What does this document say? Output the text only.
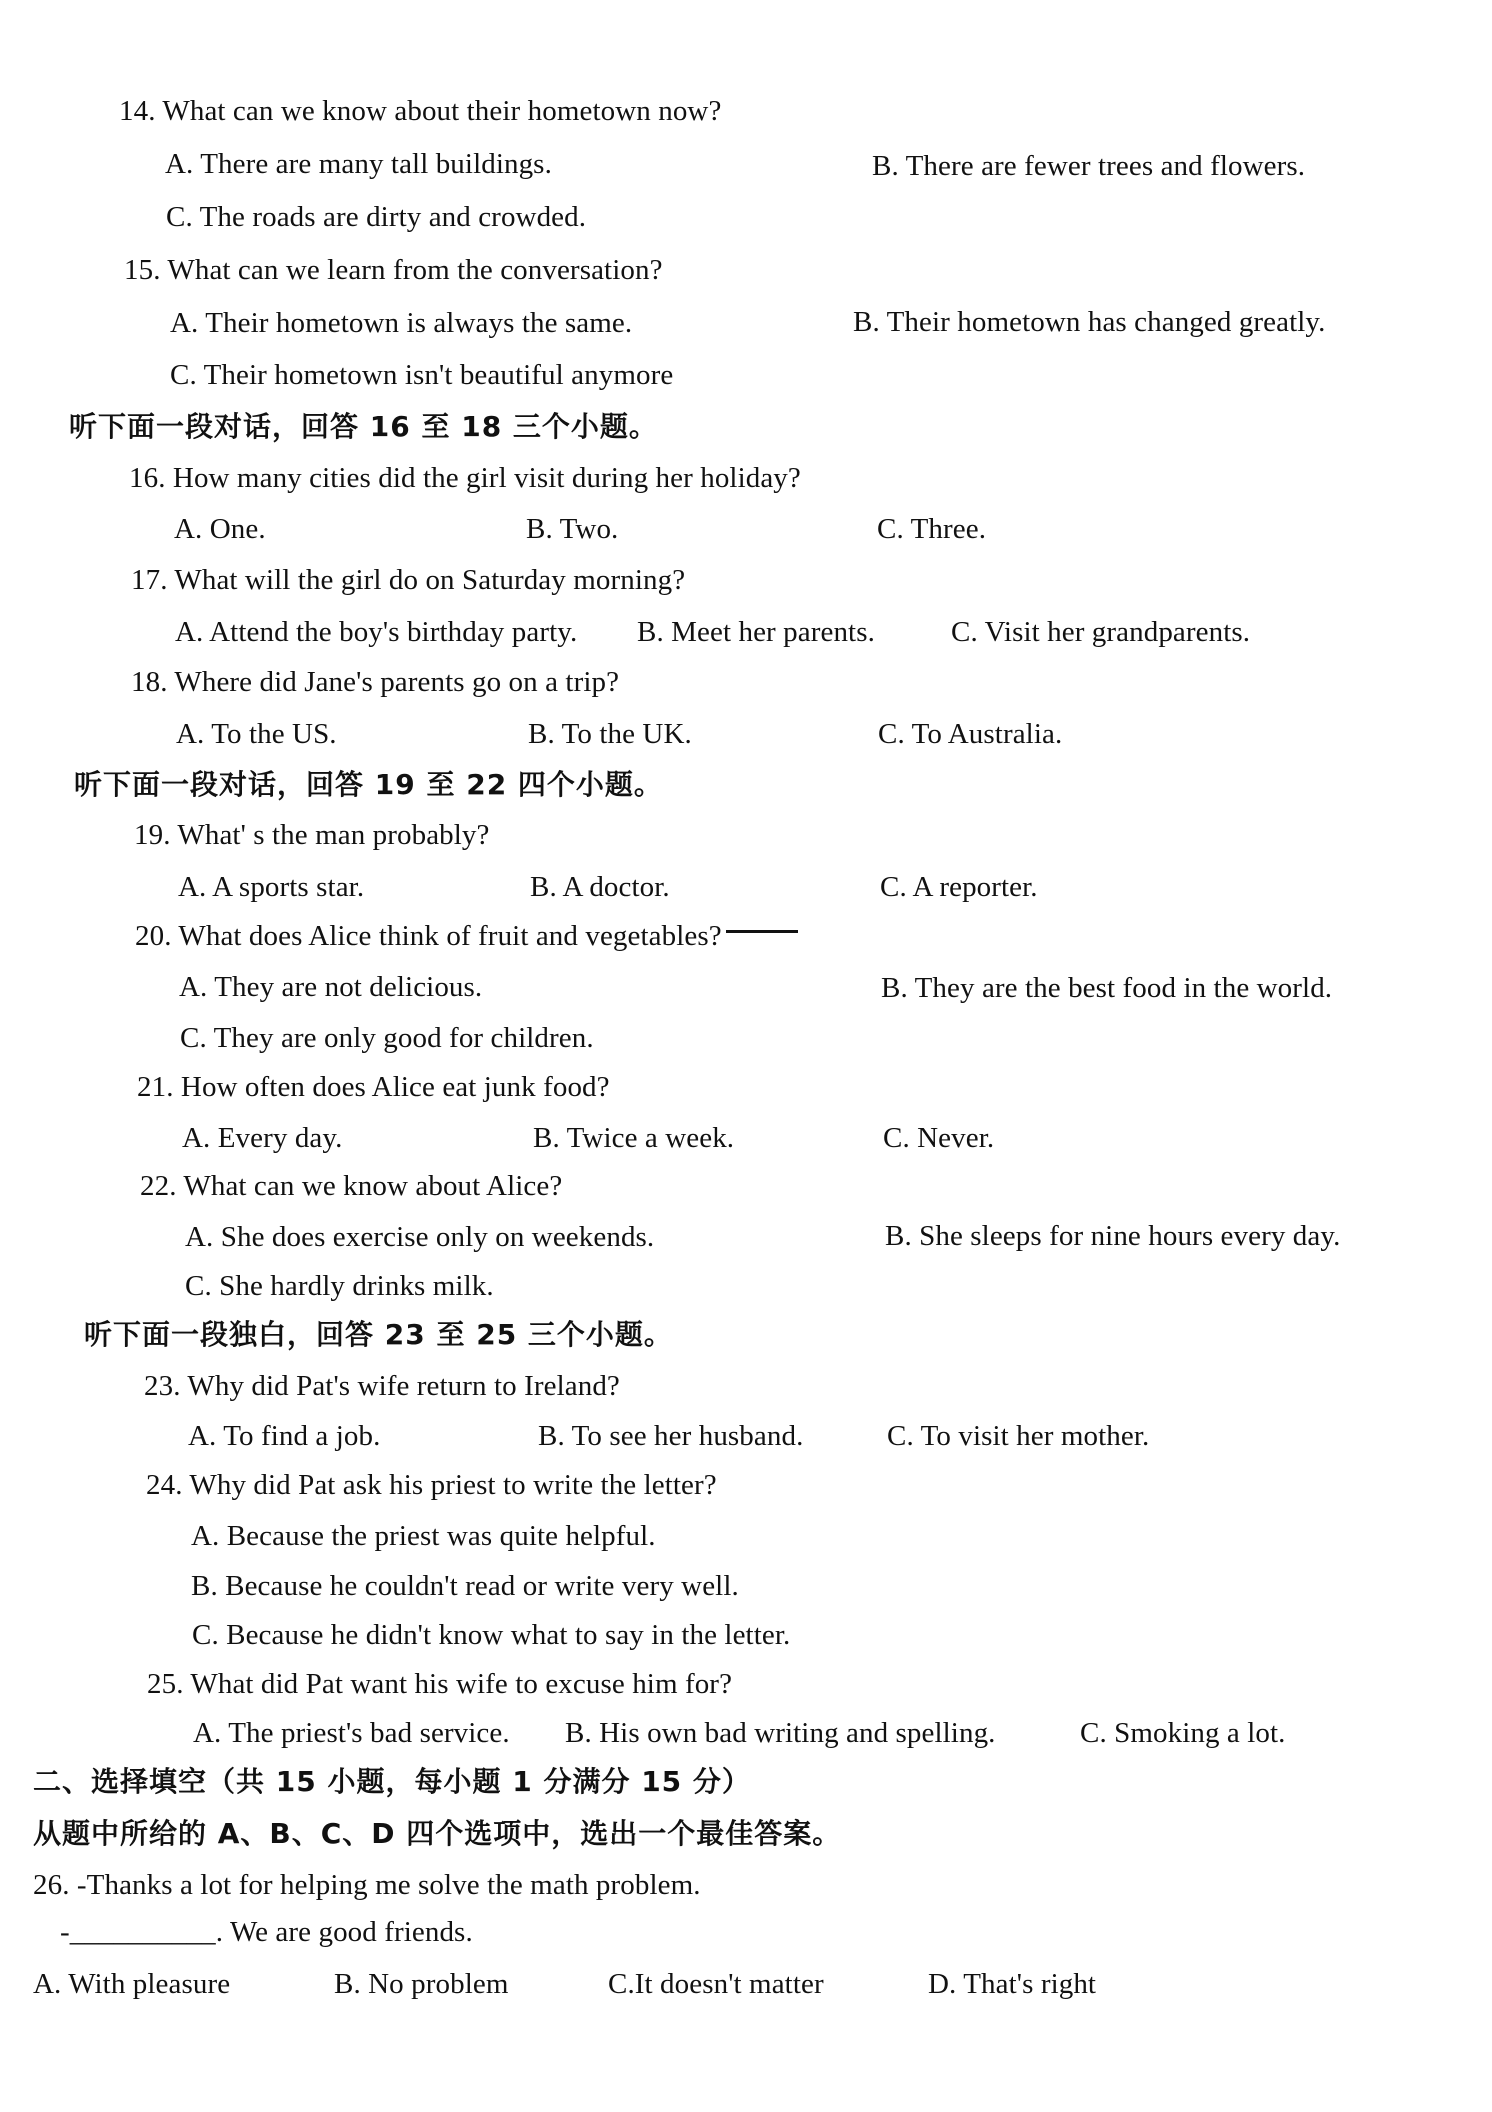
14. What can we know about their hometown now?
A. There are many tall buildings.	B. There are fewer trees and flowers.
C. The roads are dirty and crowded.
15. What can we learn from the conversation?
A. Their hometown is always the same.	B. Their hometown has changed greatly.
C. Their hometown isn't beautiful anymore
听下面一段对话，回答 16 至 18 三个小题。
16. How many cities did the girl visit during her holiday?
A. One.	B. Two.	C. Three.
17. What will the girl do on Saturday morning?
A. Attend the boy's birthday party. B. Meet her parents.	C. Visit her grandparents.
18. Where did Jane's parents go on a trip?
A. To the US.	B. To the UK.	C. To Australia.
听下面一段对话，回答 19 至 22 四个小题。
19. What' s the man probably?
A. A sports star.	B. A doctor.	C. A reporter.
20. What does Alice think of fruit and vegetables?
A. They are not delicious.	B. They are the best food in the world.
C. They are only good for children.
21. How often does Alice eat junk food?
A. Every day.	B. Twice a week.	C. Never.
22. What can we know about Alice?
A. She does exercise only on weekends.	B. She sleeps for nine hours every day.
C. She hardly drinks milk.
听下面一段独白，回答 23 至 25 三个小题。
23. Why did Pat's wife return to Ireland?
A. To find a job.	B. To see her husband.	C. To visit her mother.
24. Why did Pat ask his priest to write the letter?
A. Because the priest was quite helpful.
B. Because he couldn't read or write very well.
C. Because he didn't know what to say in the letter.
25. What did Pat want his wife to excuse him for?
A. The priest's bad service. B. His own bad writing and spelling.	C. Smoking a lot.
二、选择填空（共 15 小题，每小题 1 分满分 15 分）
从题中所给的 A、B、C、D 四个选项中，选出一个最佳答案。
26. -Thanks a lot for helping me solve the math problem.
-__________. We are good friends.
A. With pleasure	B. No problem	C.It doesn't matter	D. That's right
